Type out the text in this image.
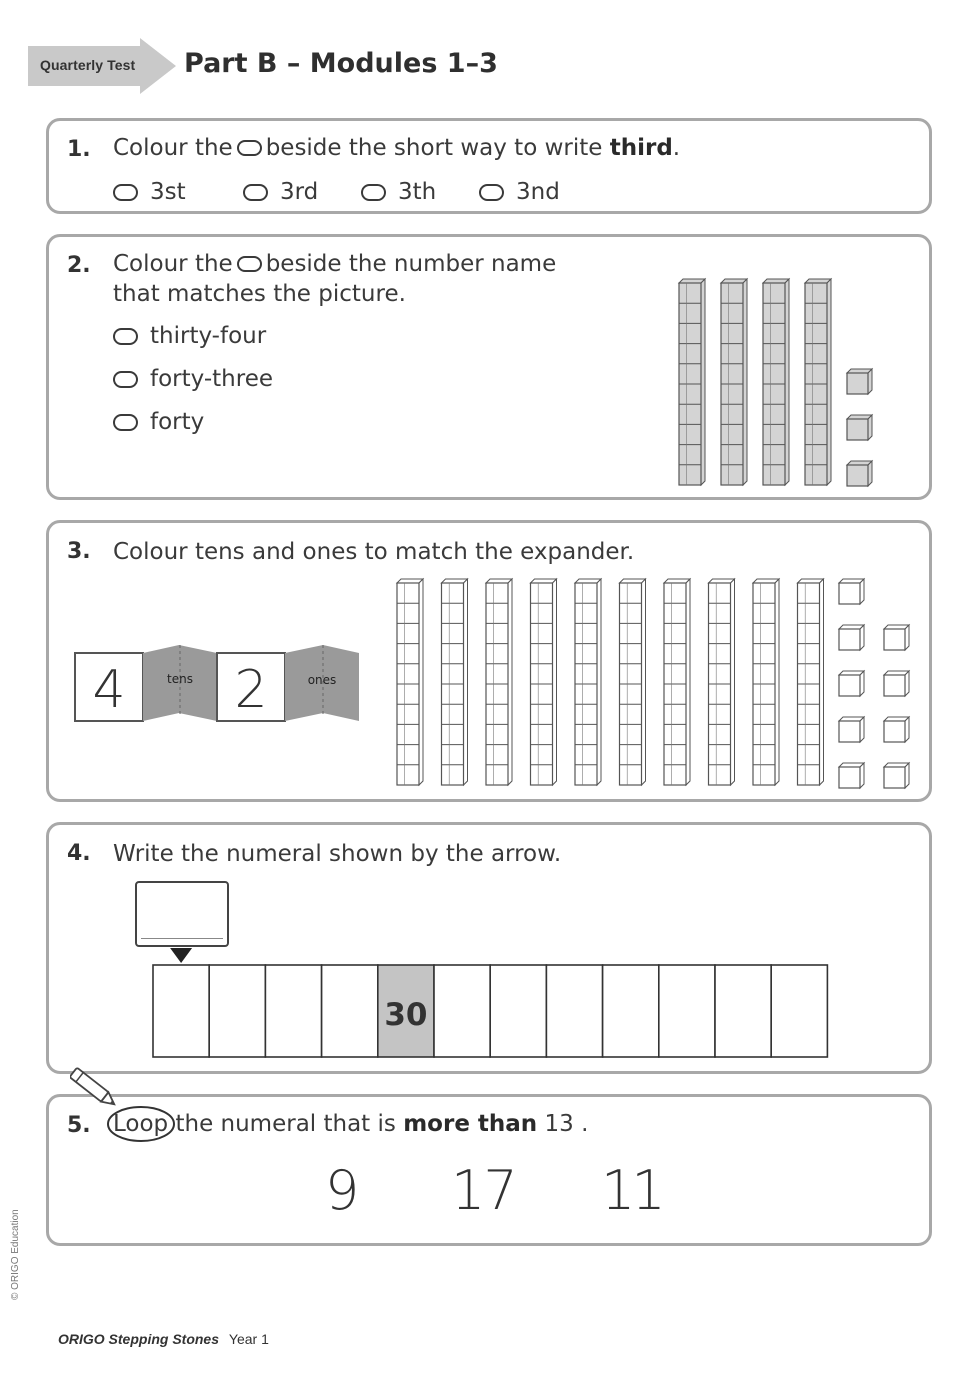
Quarterly Test Part B – Modules 1–3
1. Colour the beside the short way to write third.
3st	3rd	3th	3nd
2. Colour the beside the number name
that matches the picture.
thirty-four
forty-three
forty
3. Colour tens and ones to match the expander.
tens	ones
4 2
4. Write the numeral shown by the arrow.
30
5. Loop the numeral that is more than 13 .
9 17 11
ORIGO Stepping Stones Year 1
© ORIGO Education
